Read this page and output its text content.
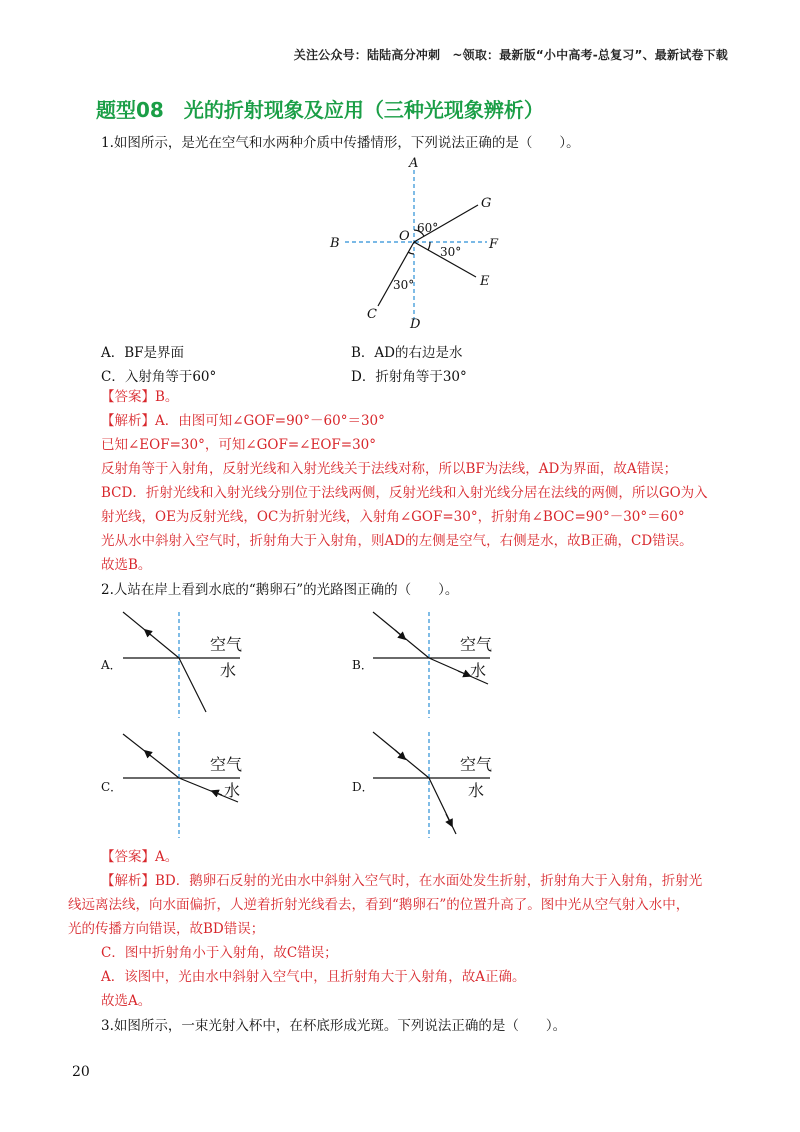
关注公众号：陆陆高分冲刺　~领取：最新版“小中高考-总复习”、最新试卷下载
题型08　光的折射现象及应用（三种光现象辨析）
1.如图所示，是光在空气和水两种介质中传播情形，下列说法正确的是（　　）。
A
B	O
G
F
E
C
D
60°
30°
30°
A．BF是界面	B．AD的右边是水
C．入射角等于60°	D．折射角等于30°
【答案】B。
【解析】A．由图可知∠GOF=90°－60°＝30°
已知∠EOF=30°，可知∠GOF=∠EOF=30°
反射角等于入射角，反射光线和入射光线关于法线对称，所以BF为法线，AD为界面，故A错误；
BCD．折射光线和入射光线分别位于法线两侧，反射光线和入射光线分居在法线的两侧，所以GO为入
射光线，OE为反射光线，OC为折射光线，入射角∠GOF=30°，折射角∠BOC=90°－30°＝60°
光从水中斜射入空气时，折射角大于入射角，则AD的左侧是空气，右侧是水，故B正确，CD错误。
故选B。
2.人站在岸上看到水底的“鹅卵石”的光路图正确的（　　）。
A．	B．
C．	D．
空气
水
空气
水
空气
水
空气
水
【答案】A。
【解析】BD．鹅卵石反射的光由水中斜射入空气时，在水面处发生折射，折射角大于入射角，折射光
线远离法线，向水面偏折，人逆着折射光线看去，看到“鹅卵石”的位置升高了。图中光从空气射入水中，
光的传播方向错误，故BD错误；
C．图中折射角小于入射角，故C错误；
A．该图中，光由水中斜射入空气中，且折射角大于入射角，故A正确。
故选A。
3.如图所示，一束光射入杯中，在杯底形成光斑。下列说法正确的是（　　）。
20
